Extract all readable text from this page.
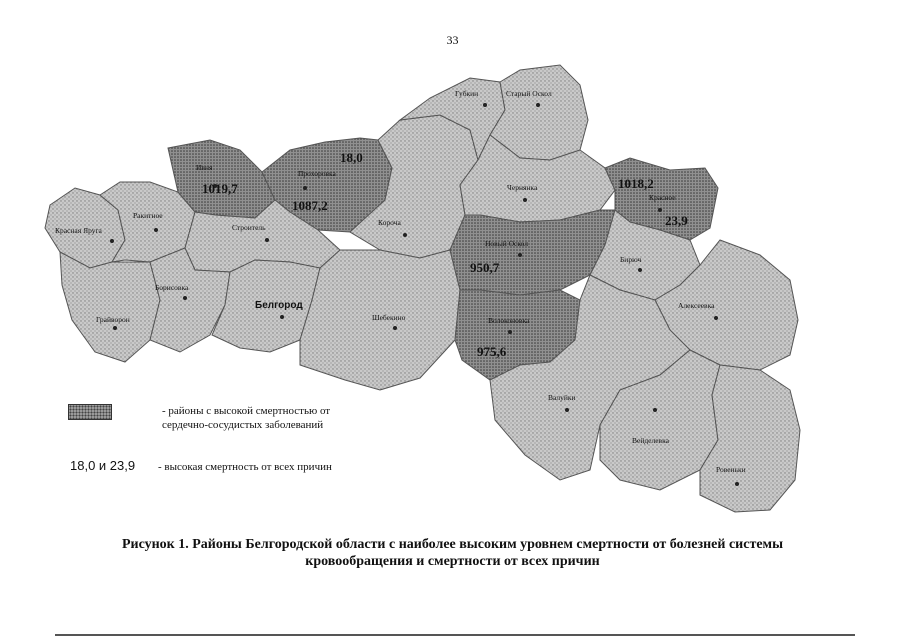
33
Красная Яруга
Ракитное
Ивня
Прохоровка
Строитель
Короча
Губкин	Старый Оскол
Чернянка
Красное
Новый Оскол
Бирюч
Алексеевка
Борисовка
Белгород
Шебекино	Волоконовка
Грайворон
Валуйки
Вейделевка
Ровеньки
1019,7
1087,2
18,0
1018,2
23,9
950,7
975,6
- районы с высокой смертностью от
сердечно-сосудистых заболеваний
18,0 и 23,9 - высокая смертность от всех причин
Рисунок 1. Районы Белгородской области с наиболее высоким уровнем смертности от болезней системы
кровообращения и смертности от всех причин
